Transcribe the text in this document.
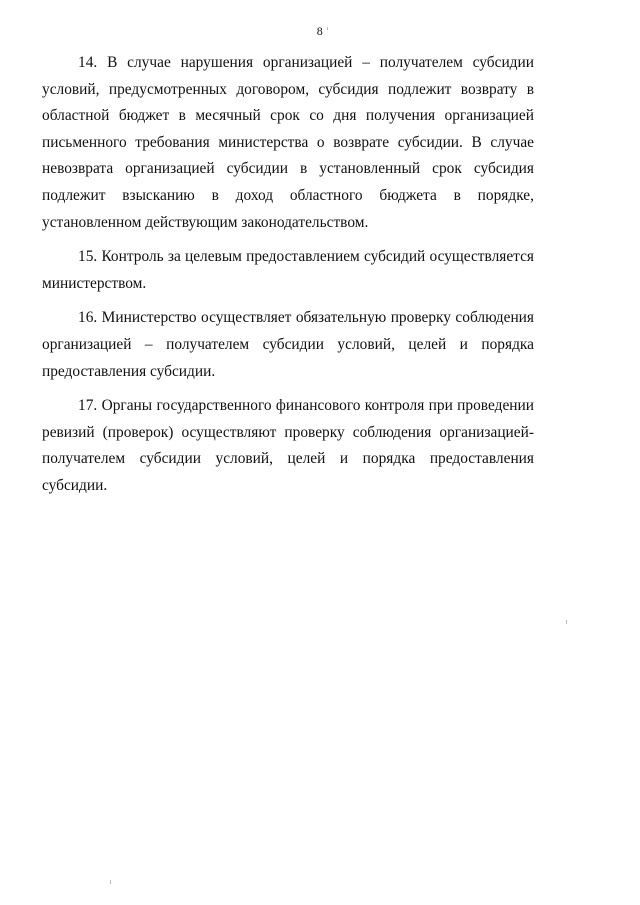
8

14. В случае нарушения организацией – получателем субсидии условий, предусмотренных договором, субсидия подлежит возврату в областной бюджет в месячный срок со дня получения организацией письменного требования министерства о возврате субсидии. В случае невозврата организацией субсидии в установленный срок субсидия подлежит взысканию в доход областного бюджета в порядке, установленном действующим законодательством.

15. Контроль за целевым предоставлением субсидий осуществляется министерством.

16. Министерство осуществляет обязательную проверку соблюдения организацией – получателем субсидии условий, целей и порядка предоставления субсидии.

17. Органы государственного финансового контроля при проведении ревизий (проверок) осуществляют проверку соблюдения организацией-получателем субсидии условий, целей и порядка предоставления субсидии.
